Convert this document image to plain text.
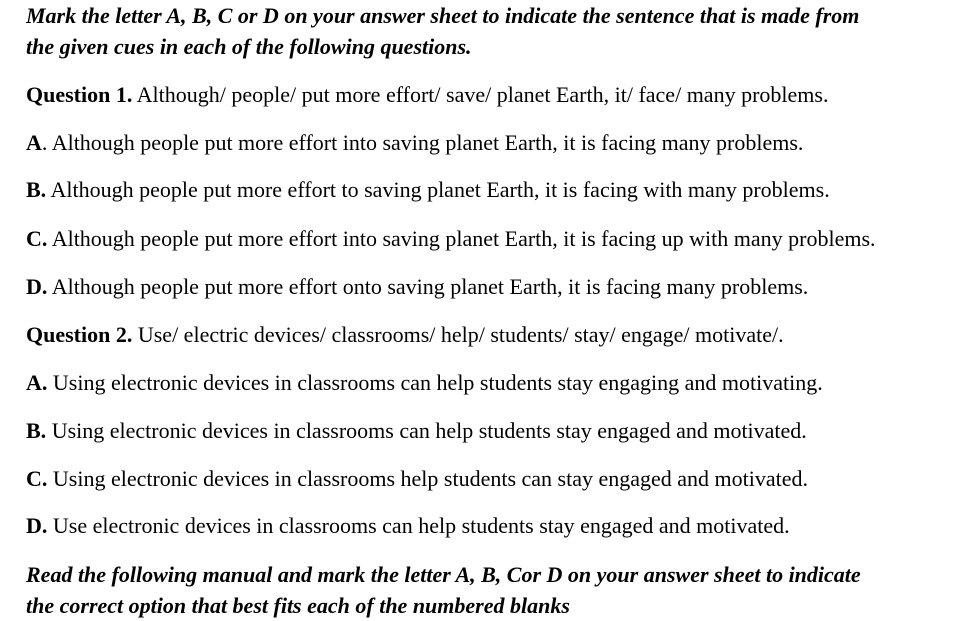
Mark the letter A, B, C or D on your answer sheet to indicate the sentence that is made from
the given cues in each of the following questions.
Question 1. Although/ people/ put more effort/ save/ planet Earth, it/ face/ many problems.
A. Although people put more effort into saving planet Earth, it is facing many problems.
B. Although people put more effort to saving planet Earth, it is facing with many problems.
C. Although people put more effort into saving planet Earth, it is facing up with many problems.
D. Although people put more effort onto saving planet Earth, it is facing many problems.
Question 2. Use/ electric devices/ classrooms/ help/ students/ stay/ engage/ motivate/.
A. Using electronic devices in classrooms can help students stay engaging and motivating.
B. Using electronic devices in classrooms can help students stay engaged and motivated.
C. Using electronic devices in classrooms help students can stay engaged and motivated.
D. Use electronic devices in classrooms can help students stay engaged and motivated.
Read the following manual and mark the letter A, B, Cor D on your answer sheet to indicate
the correct option that best fits each of the numbered blanks
